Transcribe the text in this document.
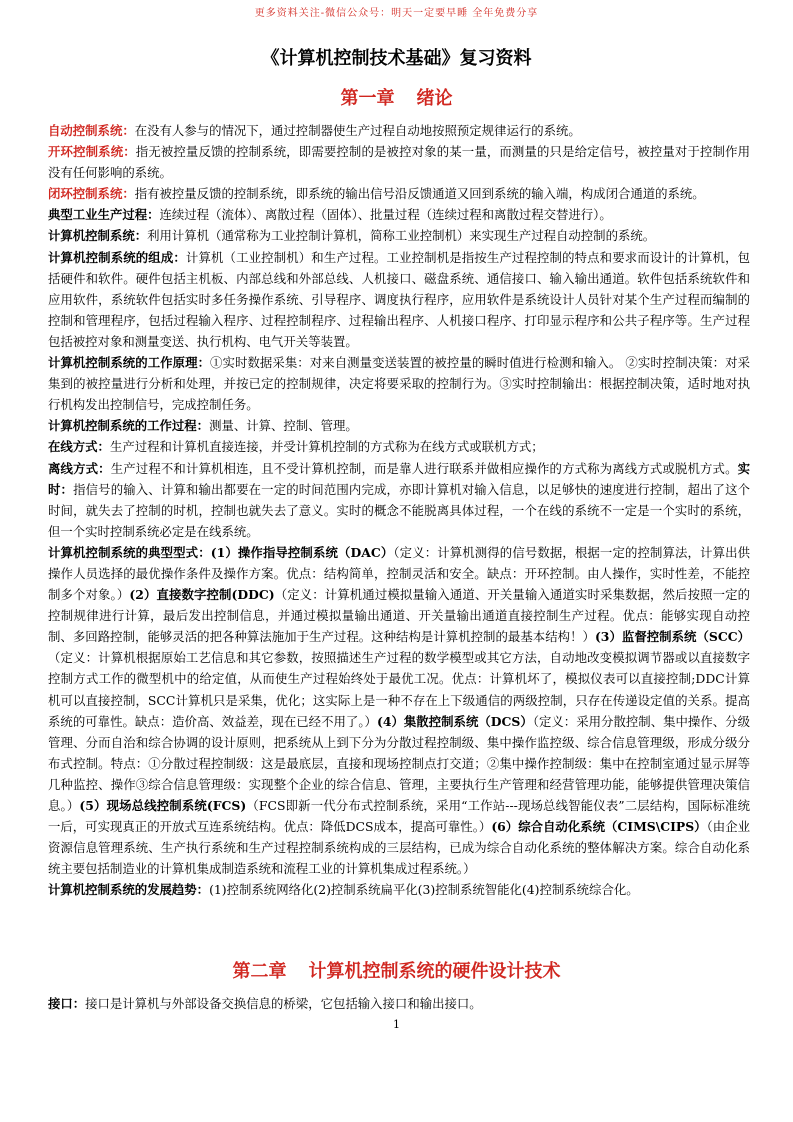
更多资料关注-微信公众号：明天一定要早睡 全年免费分享
《计算机控制技术基础》复习资料
第一章 绪论

自动控制系统：在没有人参与的情况下，通过控制器使生产过程自动地按照预定规律运行的系统。

开环控制系统：指无被控量反馈的控制系统，即需要控制的是被控对象的某一量，而测量的只是给定信号，被控量对于控制作用没有任何影响的系统。

闭环控制系统：指有被控量反馈的控制系统，即系统的输出信号沿反馈通道又回到系统的输入端，构成闭合通道的系统。

典型工业生产过程：连续过程（流体）、离散过程（固体）、批量过程（连续过程和离散过程交替进行）。

计算机控制系统：利用计算机（通常称为工业控制计算机，简称工业控制机）来实现生产过程自动控制的系统。

计算机控制系统的组成：计算机（工业控制机）和生产过程。工业控制机是指按生产过程控制的特点和要求而设计的计算机，包括硬件和软件。硬件包括主机板、内部总线和外部总线、人机接口、磁盘系统、通信接口、输入输出通道。软件包括系统软件和应用软件，系统软件包括实时多任务操作系统、引导程序、调度执行程序，应用软件是系统设计人员针对某个生产过程而编制的控制和管理程序，包括过程输入程序、过程控制程序、过程输出程序、人机接口程序、打印显示程序和公共子程序等。生产过程包括被控对象和测量变送、执行机构、电气开关等装置。

计算机控制系统的工作原理：①实时数据采集：对来自测量变送装置的被控量的瞬时值进行检测和输入。 ②实时控制决策：对采集到的被控量进行分析和处理，并按已定的控制规律，决定将要采取的控制行为。③实时控制输出：根据控制决策，适时地对执行机构发出控制信号，完成控制任务。

计算机控制系统的工作过程：测量、计算、控制、管理。

在线方式：生产过程和计算机直接连接，并受计算机控制的方式称为在线方式或联机方式；

离线方式：生产过程不和计算机相连，且不受计算机控制，而是靠人进行联系并做相应操作的方式称为离线方式或脱机方式。实时：指信号的输入、计算和输出都要在一定的时间范围内完成，亦即计算机对输入信息，以足够快的速度进行控制，超出了这个时间，就失去了控制的时机，控制也就失去了意义。实时的概念不能脱离具体过程，一个在线的系统不一定是一个实时的系统，但一个实时控制系统必定是在线系统。

计算机控制系统的典型型式：(1）操作指导控制系统（DAC）（定义：计算机测得的信号数据，根据一定的控制算法，计算出供操作人员选择的最优操作条件及操作方案。优点：结构简单，控制灵活和安全。缺点：开环控制。由人操作，实时性差，不能控制多个对象。）(2）直接数字控制(DDC)（定义：计算机通过模拟量输入通道、开关量输入通道实时采集数据，然后按照一定的控制规律进行计算，最后发出控制信息，并通过模拟量输出通道、开关量输出通道直接控制生产过程。优点：能够实现自动控制、多回路控制，能够灵活的把各种算法施加于生产过程。这种结构是计算机控制的最基本结构！）(3）监督控制系统（SCC）（定义：计算机根据原始工艺信息和其它参数，按照描述生产过程的数学模型或其它方法，自动地改变模拟调节器或以直接数字控制方式工作的微型机中的给定值，从而使生产过程始终处于最优工况。优点：计算机坏了，模拟仪表可以直接控制;DDC计算机可以直接控制，SCC计算机只是采集，优化；这实际上是一种不存在上下级通信的两级控制，只存在传递设定值的关系。提高系统的可靠性。缺点：造价高、效益差，现在已经不用了。）(4）集散控制系统（DCS）（定义：采用分散控制、集中操作、分级管理、分而自治和综合协调的设计原则，把系统从上到下分为分散过程控制级、集中操作监控级、综合信息管理级，形成分级分布式控制。特点：①分散过程控制级：这是最底层，直接和现场控制点打交道；②集中操作控制级：集中在控制室通过显示屏等几种监控、操作③综合信息管理级：实现整个企业的综合信息、管理，主要执行生产管理和经营管理功能，能够提供管理决策信息。）(5）现场总线控制系统(FCS)（FCS即新一代分布式控制系统，采用“工作站---现场总线智能仪表”二层结构，国际标准统一后，可实现真正的开放式互连系统结构。优点：降低DCS成本，提高可靠性。）(6）综合自动化系统（CIMS\CIPS）（由企业资源信息管理系统、生产执行系统和生产过程控制系统构成的三层结构，已成为综合自动化系统的整体解决方案。综合自动化系统主要包括制造业的计算机集成制造系统和流程工业的计算机集成过程系统。）

计算机控制系统的发展趋势：(1)控制系统网络化(2)控制系统扁平化(3)控制系统智能化(4)控制系统综合化。

第二章 计算机控制系统的硬件设计技术

接口：接口是计算机与外部设备交换信息的桥梁，它包括输入接口和输出接口。

1
